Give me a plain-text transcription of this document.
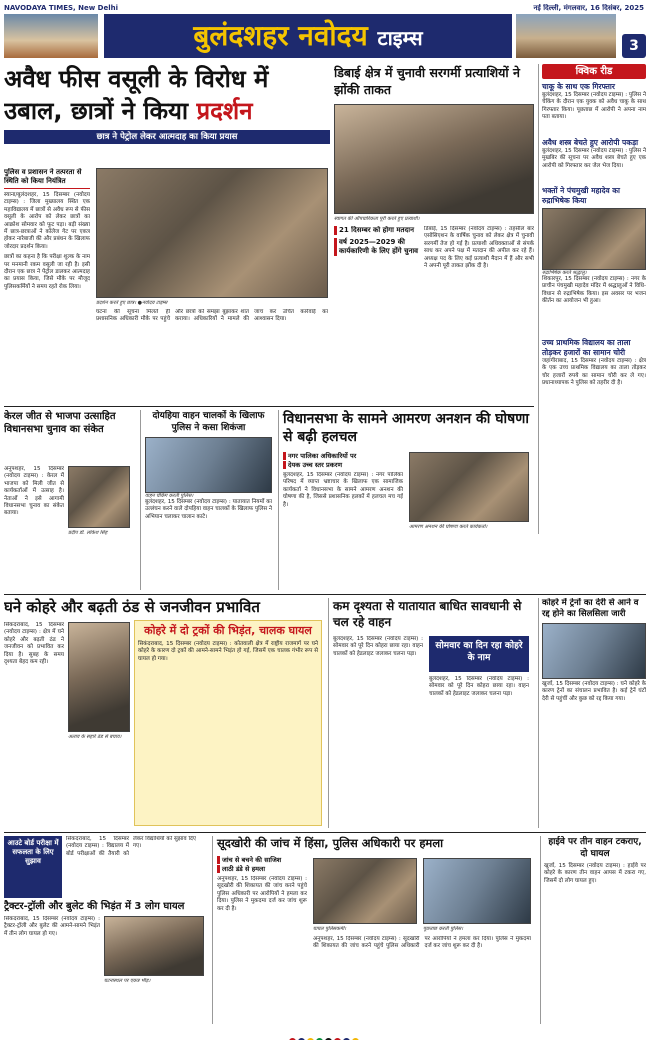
NAVODAYA TIMES, New Delhi	नई दिल्ली, मंगलवार, 16 दिसंबर, 2025
बुलंदशहर नवोदय टाइम्स	3
अवैध फीस वसूली के विरोध में
उबाल, छात्रों ने किया प्रदर्शन
छात्र ने पेट्रोल लेकर आत्मदाह का किया प्रयास
पुलिस व प्रशासन ने तत्परता से स्थिति को किया नियंत्रित
स्याना/बुलंदशहर, 15 दिसम्बर (नवोदय टाइम्स) : जिला मुख्यालय स्थित एक महाविद्यालय में छात्रों से अवैध रूप से फीस वसूली के आरोप को लेकर छात्रों का आक्रोश सोमवार को फूट पड़ा। बड़ी संख्या में छात्र-छात्राओं ने कॉलेज गेट पर एकत्र होकर नारेबाजी की और प्रबंधन के खिलाफ जोरदार प्रदर्शन किया।
छात्रों का कहना है कि परीक्षा शुल्क के नाम पर मनमानी रकम वसूली जा रही है। इसी दौरान एक छात्र ने पेट्रोल डालकर आत्मदाह का प्रयास किया, जिसे मौके पर मौजूद पुलिसकर्मियों ने समय रहते रोक लिया।
प्रदर्शन करते हुए छात्र। ●नवोदय टाइम्स
घटना की सूचना मिलते ही प्रशासनिक अधिकारी मौके पर पहुंचे और छात्रों को समझा बुझाकर शांत कराया। अधिकारियों ने मामले की जांच कर उचित कार्रवाई का आश्वासन दिया।
डिबाई क्षेत्र में चुनावी सरगर्मी प्रत्याशियों ने झोंकी ताकत
स्वागत की औपचारिकता पूरी करते हुए प्रत्याशी।
21 दिसम्बर को होगा मतदान
वर्ष 2025—2029 की कार्यकारिणी के लिए होंगे चुनाव
डिबाई, 15 दिसम्बर (नवोदय टाइम्स) : तहसील बार एसोसिएशन के वार्षिक चुनाव को लेकर क्षेत्र में चुनावी सरगर्मी तेज हो गई है। प्रत्याशी अधिवक्ताओं से संपर्क साध कर अपने पक्ष में मतदान की अपील कर रहे हैं। अध्यक्ष पद के लिए कई प्रत्याशी मैदान में हैं और सभी ने अपनी पूरी ताकत झोंक दी है।
क्विक रीड
चाकू के साथ एक गिरफ्तार
बुलंदशहर, 15 दिसम्बर (नवोदय टाइम्स) : पुलिस ने चेकिंग के दौरान एक युवक को अवैध चाकू के साथ गिरफ्तार किया। पूछताछ में आरोपी ने अपना नाम पता बताया।
अवैध शस्त्र बेचते हुए आरोपी पकड़ा
बुलंदशहर, 15 दिसम्बर (नवोदय टाइम्स) : पुलिस ने मुखबिर की सूचना पर अवैध शस्त्र बेचते हुए एक आरोपी को गिरफ्तार कर जेल भेज दिया।
भक्तों ने पंचमुखी महादेव का रुद्राभिषेक किया
रुद्राभिषेक करते श्रद्धालु।
शिकारपुर, 15 दिसम्बर (नवोदय टाइम्स) : नगर के प्राचीन पंचमुखी महादेव मंदिर में श्रद्धालुओं ने विधि-विधान से रुद्राभिषेक किया। इस अवसर पर भजन कीर्तन का आयोजन भी हुआ।
उच्च प्राथमिक विद्यालय का ताला तोड़कर हजारों का सामान चोरी
जहांगीराबाद, 15 दिसम्बर (नवोदय टाइम्स) : क्षेत्र के एक उच्च प्राथमिक विद्यालय का ताला तोड़कर चोर हजारों रुपये का सामान चोरी कर ले गए। प्रधानाध्यापक ने पुलिस को तहरीर दी है।
केरल जीत से भाजपा उत्साहित विधानसभा चुनाव का संकेत
प्रदीप डॉ. लोकेश सिंह
अनूपशहर, 15 दिसम्बर (नवोदय टाइम्स) : केरल में भाजपा को मिली जीत से कार्यकर्ताओं में उत्साह है। नेताओं ने इसे आगामी विधानसभा चुनाव का संकेत बताया।
दोयहिया वाहन चालकों के खिलाफ पुलिस ने कसा शिकंजा
वाहन चेकिंग करती पुलिस।
बुलंदशहर, 15 दिसम्बर (नवोदय टाइम्स) : यातायात नियमों का उल्लंघन करने वाले दोपहिया वाहन चालकों के खिलाफ पुलिस ने अभियान चलाकर चालान काटे।
विधानसभा के सामने आमरण अनशन की घोषणा से बढ़ी हलचल
नगर पालिका अधिकारियों पर
देयक उच्च स्तर प्रकरण
बुलंदशहर, 15 दिसम्बर (नवोदय टाइम्स) : नगर पालिका परिषद में व्याप्त भ्रष्टाचार के खिलाफ एक सामाजिक कार्यकर्ता ने विधानसभा के सामने आमरण अनशन की घोषणा की है, जिससे प्रशासनिक हलकों में हलचल मच गई है।
आमरण अनशन की घोषणा करते कार्यकर्ता।
घने कोहरे और बढ़ती ठंड से जनजीवन प्रभावित
सिकंदराबाद, 15 दिसम्बर (नवोदय टाइम्स) : क्षेत्र में घने कोहरे और बढ़ती ठंड ने जनजीवन को प्रभावित कर दिया है। सुबह के समय दृश्यता बेहद कम रही।
अलाव के सहारे ठंड से बचाव।
कोहरे में दो ट्रकों की भिड़ंत, चालक घायल
सिकंदराबाद, 15 दिसम्बर (नवोदय टाइम्स) : कोतवाली क्षेत्र में राष्ट्रीय राजमार्ग पर घने कोहरे के कारण दो ट्रकों की आमने-सामने भिड़ंत हो गई, जिसमें एक चालक गंभीर रूप से घायल हो गया।
कम दृश्यता से यातायात बाधित सावधानी से चल रहे वाहन
बुलंदशहर, 15 दिसम्बर (नवोदय टाइम्स) : सोमवार को पूरे दिन कोहरा छाया रहा। वाहन चालकों को हेडलाइट जलाकर चलना पड़ा।
सोमवार का दिन रहा कोहरे के नाम
बुलंदशहर, 15 दिसम्बर (नवोदय टाइम्स) : सोमवार को पूरे दिन कोहरा छाया रहा। वाहन चालकों को हेडलाइट जलाकर चलना पड़ा।
कोहरे में ट्रेनों का देरी से आने व रद्द होने का सिलसिला जारी
खुर्जा, 15 दिसम्बर (नवोदय टाइम्स) : घने कोहरे के कारण ट्रेनों का संचालन प्रभावित है। कई ट्रेनें घंटों देरी से पहुंचीं और कुछ को रद्द किया गया।
आउटे बोर्ड परीक्षा में सफलता के लिए सुझाव
सिकंदराबाद, 15 दिसम्बर (नवोदय टाइम्स) : विद्यालय में बोर्ड परीक्षाओं की तैयारी को लेकर विद्यार्थियों को सुझाव दिए गए।
ट्रैक्टर-ट्रॉली और बुलेट की भिड़ंत में 3 लोग घायल
सिकंदराबाद, 15 दिसम्बर (नवोदय टाइम्स) : ट्रैक्टर-ट्रॉली और बुलेट की आमने-सामने भिड़ंत में तीन लोग घायल हो गए।
घटनास्थल पर एकत्र भीड़।
सूदखोरी की जांच में हिंसा, पुलिस अधिकारी पर हमला
जांच से बचने की साजिश
लाठी डंडे से हमला
अनूपशहर, 15 दिसम्बर (नवोदय टाइम्स) : सूदखोरी की शिकायत की जांच करने पहुंचे पुलिस अधिकारी पर आरोपियों ने हमला कर दिया। पुलिस ने मुकदमा दर्ज कर जांच शुरू कर दी है।
घायल पुलिसकर्मी।	पूछताछ करती पुलिस।
अनूपशहर, 15 दिसम्बर (नवोदय टाइम्स) : सूदखोरी की शिकायत की जांच करने पहुंचे पुलिस अधिकारी पर आरोपियों ने हमला कर दिया। पुलिस ने मुकदमा दर्ज कर जांच शुरू कर दी है।
हाईवे पर तीन वाहन टकराए, दो घायल
खुर्जा, 15 दिसम्बर (नवोदय टाइम्स) : हाईवे पर कोहरे के कारण तीन वाहन आपस में टकरा गए, जिसमें दो लोग घायल हुए।
